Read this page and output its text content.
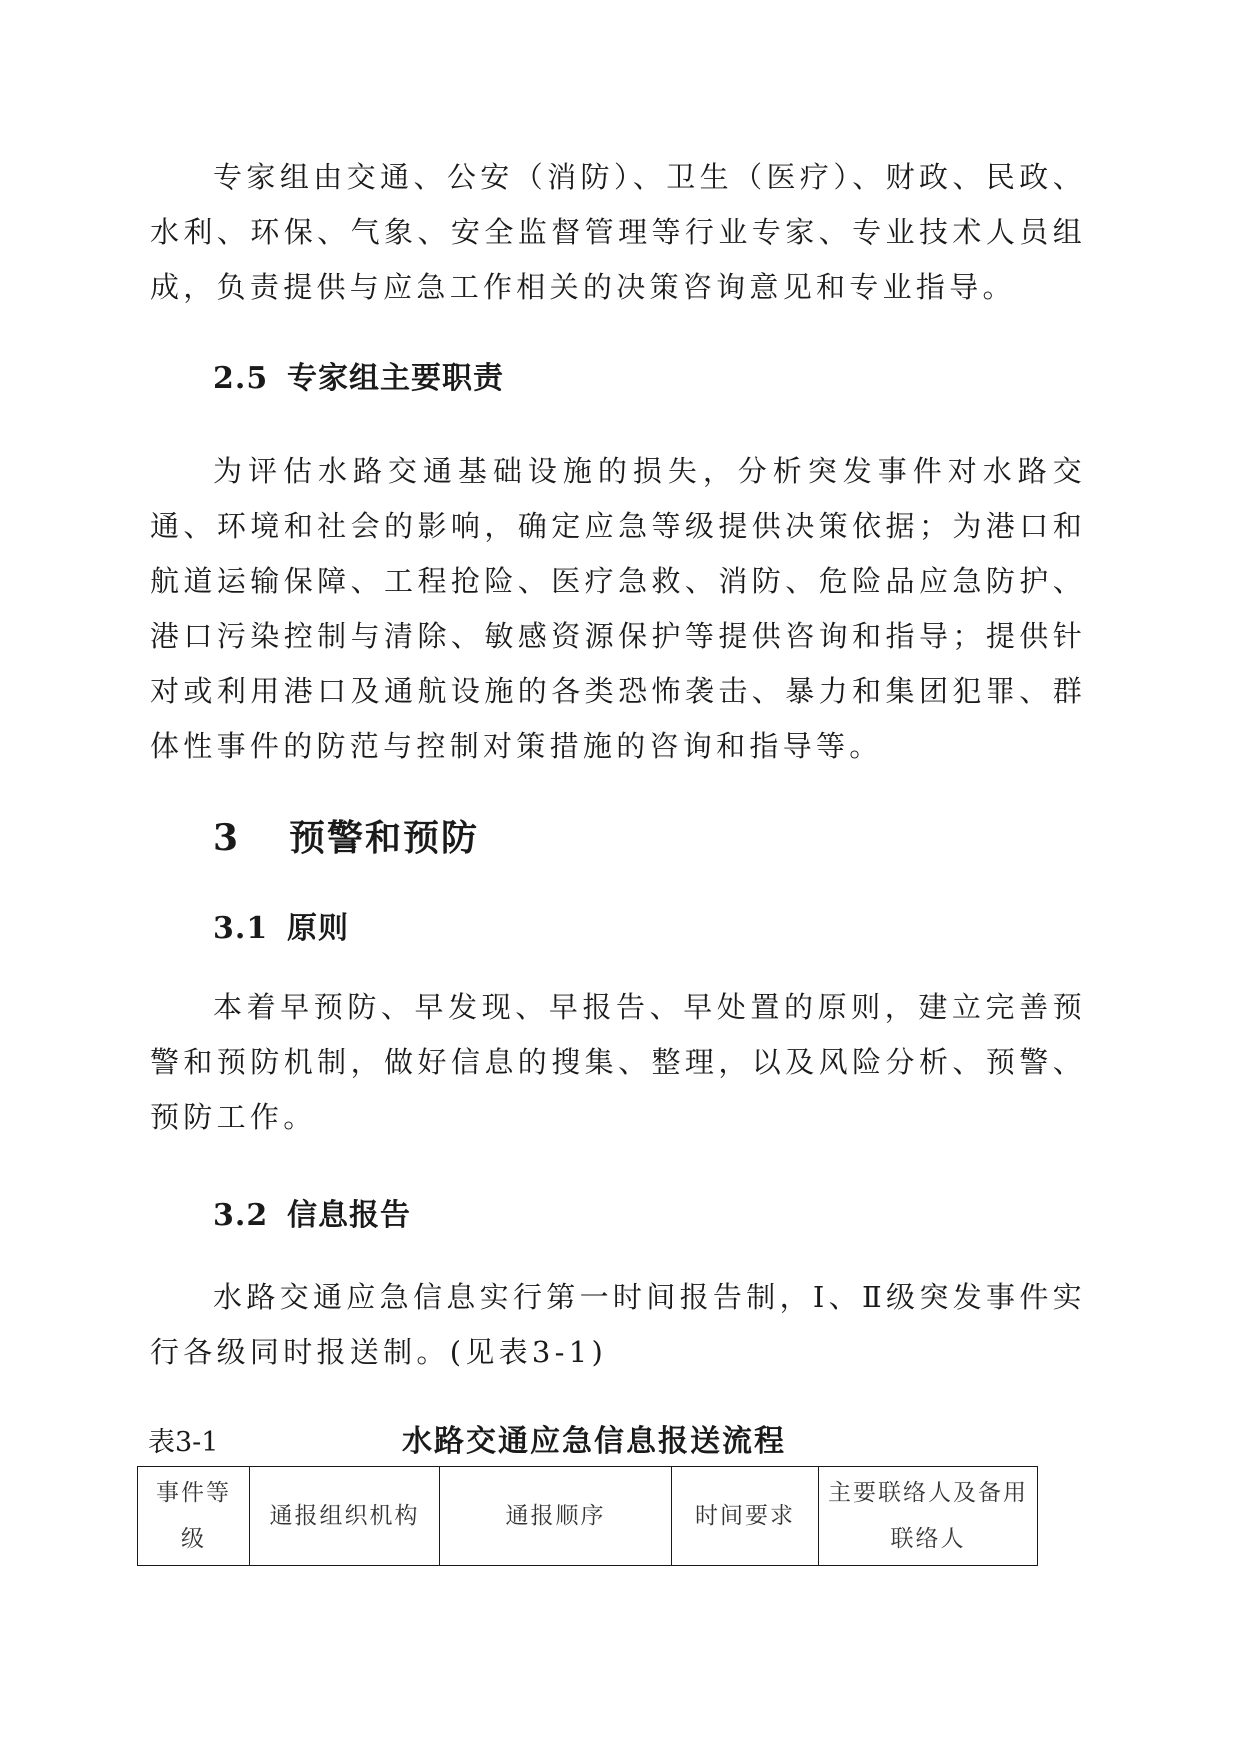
专家组由交通、公安（消防）、卫生（医疗）、财政、民政、水利、环保、气象、安全监督管理等行业专家、专业技术人员组成，负责提供与应急工作相关的决策咨询意见和专业指导。

2.5 专家组主要职责

为评估水路交通基础设施的损失，分析突发事件对水路交通、环境和社会的影响，确定应急等级提供决策依据；为港口和航道运输保障、工程抢险、医疗急救、消防、危险品应急防护、港口污染控制与清除、敏感资源保护等提供咨询和指导；提供针对或利用港口及通航设施的各类恐怖袭击、暴力和集团犯罪、群体性事件的防范与控制对策措施的咨询和指导等。

3 预警和预防
3.1 原则

本着早预防、早发现、早报告、早处置的原则，建立完善预警和预防机制，做好信息的搜集、整理，以及风险分析、预警、预防工作。

3.2 信息报告

水路交通应急信息实行第一时间报告制，Ⅰ、Ⅱ级突发事件实行各级同时报送制。(见表3-1)

表3-1	水路交通应急信息报送流程

事件等级	通报组织机构	通报顺序	时间要求	主要联络人及备用联络人
